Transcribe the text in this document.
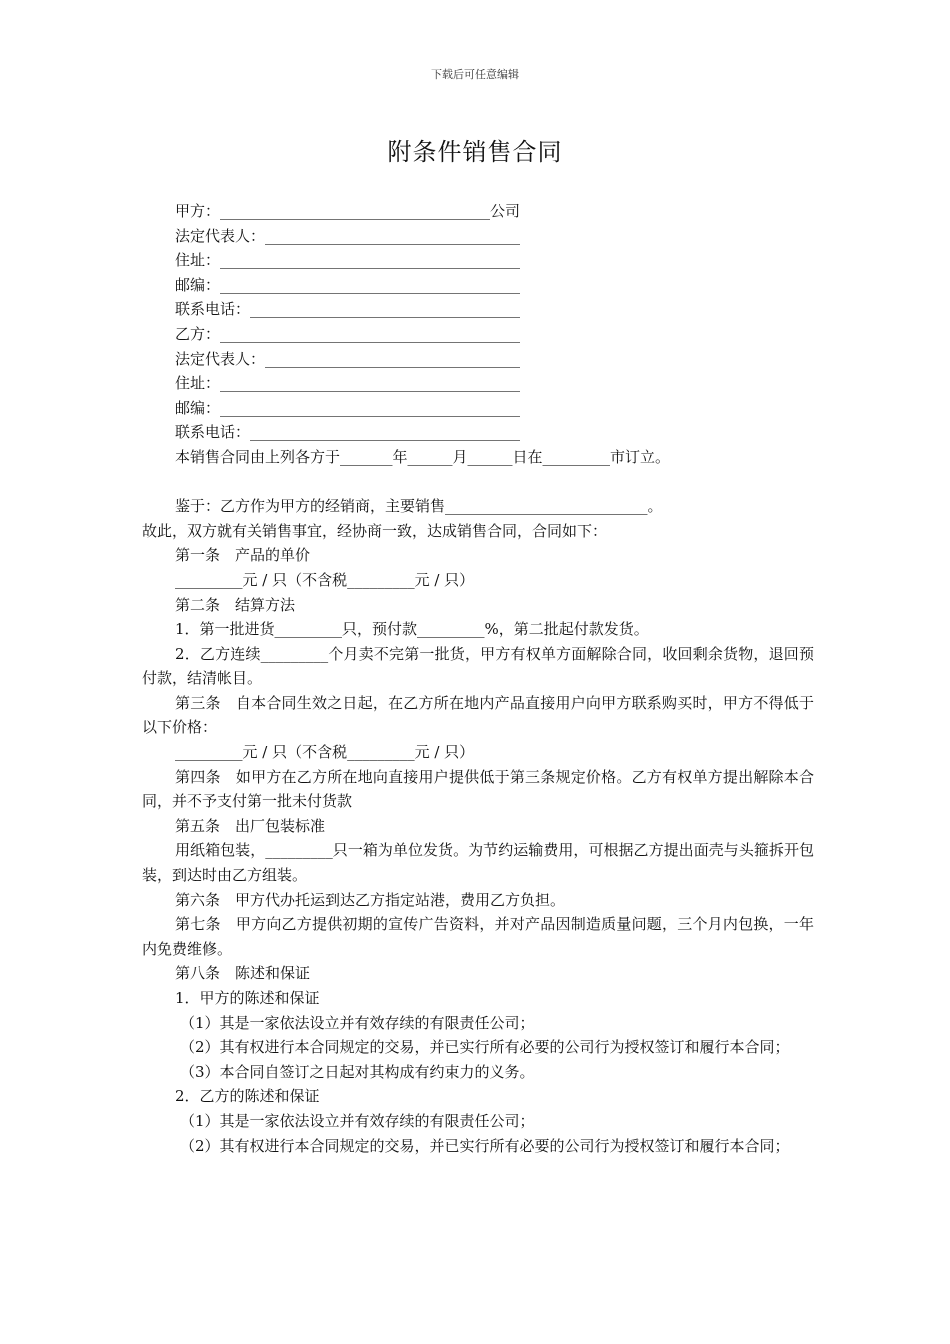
下载后可任意编辑
附条件销售合同
甲方：____________________________________公司
法定代表人：__________________________________
住址：________________________________________
邮编：________________________________________
联系电话：____________________________________
乙方：________________________________________
法定代表人：__________________________________
住址：________________________________________
邮编：________________________________________
联系电话：____________________________________
本销售合同由上列各方于_______年______月______日在_________市订立。
鉴于：乙方作为甲方的经销商，主要销售___________________________。
故此，双方就有关销售事宜，经协商一致，达成销售合同，合同如下：
第一条　产品的单价
_________元 / 只（不含税_________元 / 只）
第二条　结算方法
1．第一批进货_________只，预付款_________%，第二批起付款发货。
2．乙方连续_________个月卖不完第一批货，甲方有权单方面解除合同，收回剩余货物，退回预付款，结清帐目。
第三条　自本合同生效之日起，在乙方所在地内产品直接用户向甲方联系购买时，甲方不得低于以下价格：
_________元 / 只（不含税_________元 / 只）
第四条　如甲方在乙方所在地向直接用户提供低于第三条规定价格。乙方有权单方提出解除本合同，并不予支付第一批未付货款
第五条　出厂包装标准
用纸箱包装，_________只一箱为单位发货。为节约运输费用，可根据乙方提出面壳与头箍拆开包装，到达时由乙方组装。
第六条　甲方代办托运到达乙方指定站港，费用乙方负担。
第七条　甲方向乙方提供初期的宣传广告资料，并对产品因制造质量问题，三个月内包换，一年内免费维修。
第八条　陈述和保证
1．甲方的陈述和保证
（1）其是一家依法设立并有效存续的有限责任公司；
（2）其有权进行本合同规定的交易，并已实行所有必要的公司行为授权签订和履行本合同；
（3）本合同自签订之日起对其构成有约束力的义务。
2．乙方的陈述和保证
（1）其是一家依法设立并有效存续的有限责任公司；
（2）其有权进行本合同规定的交易，并已实行所有必要的公司行为授权签订和履行本合同；
